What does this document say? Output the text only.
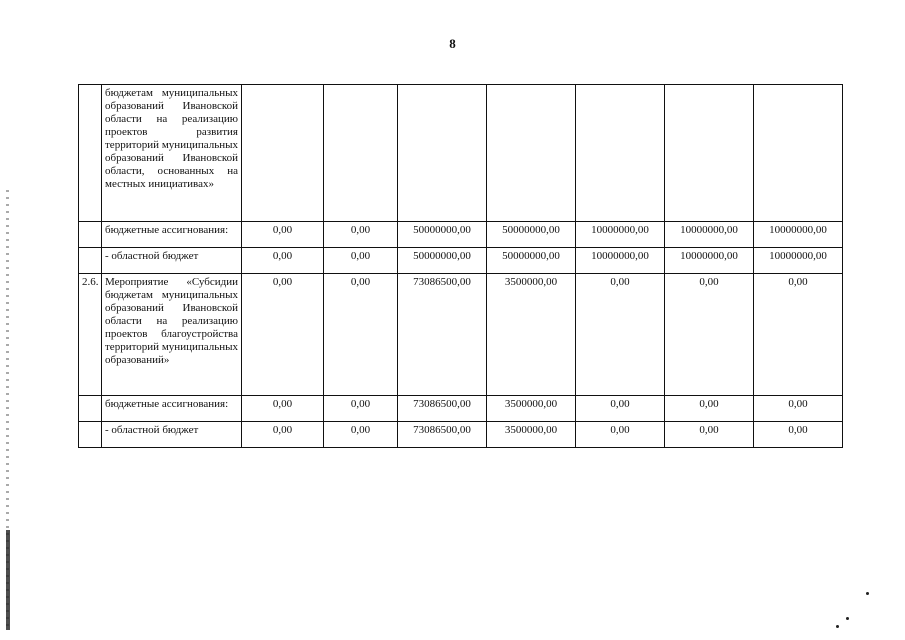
8
	бюджетам муниципальных образований Ивановской области на реализацию проектов развития территорий муниципальных образований Ивановской области, основанных на местных инициативах»							
	бюджетные ассигнования:	0,00	0,00	50000000,00	50000000,00	10000000,00	10000000,00	10000000,00
	- областной бюджет	0,00	0,00	50000000,00	50000000,00	10000000,00	10000000,00	10000000,00
2.6.	Мероприятие «Субсидии бюджетам муниципальных образований Ивановской области на реализацию проектов благоустройства территорий муниципальных образований»	0,00	0,00	73086500,00	3500000,00	0,00	0,00	0,00
	бюджетные ассигнования:	0,00	0,00	73086500,00	3500000,00	0,00	0,00	0,00
	- областной бюджет	0,00	0,00	73086500,00	3500000,00	0,00	0,00	0,00
